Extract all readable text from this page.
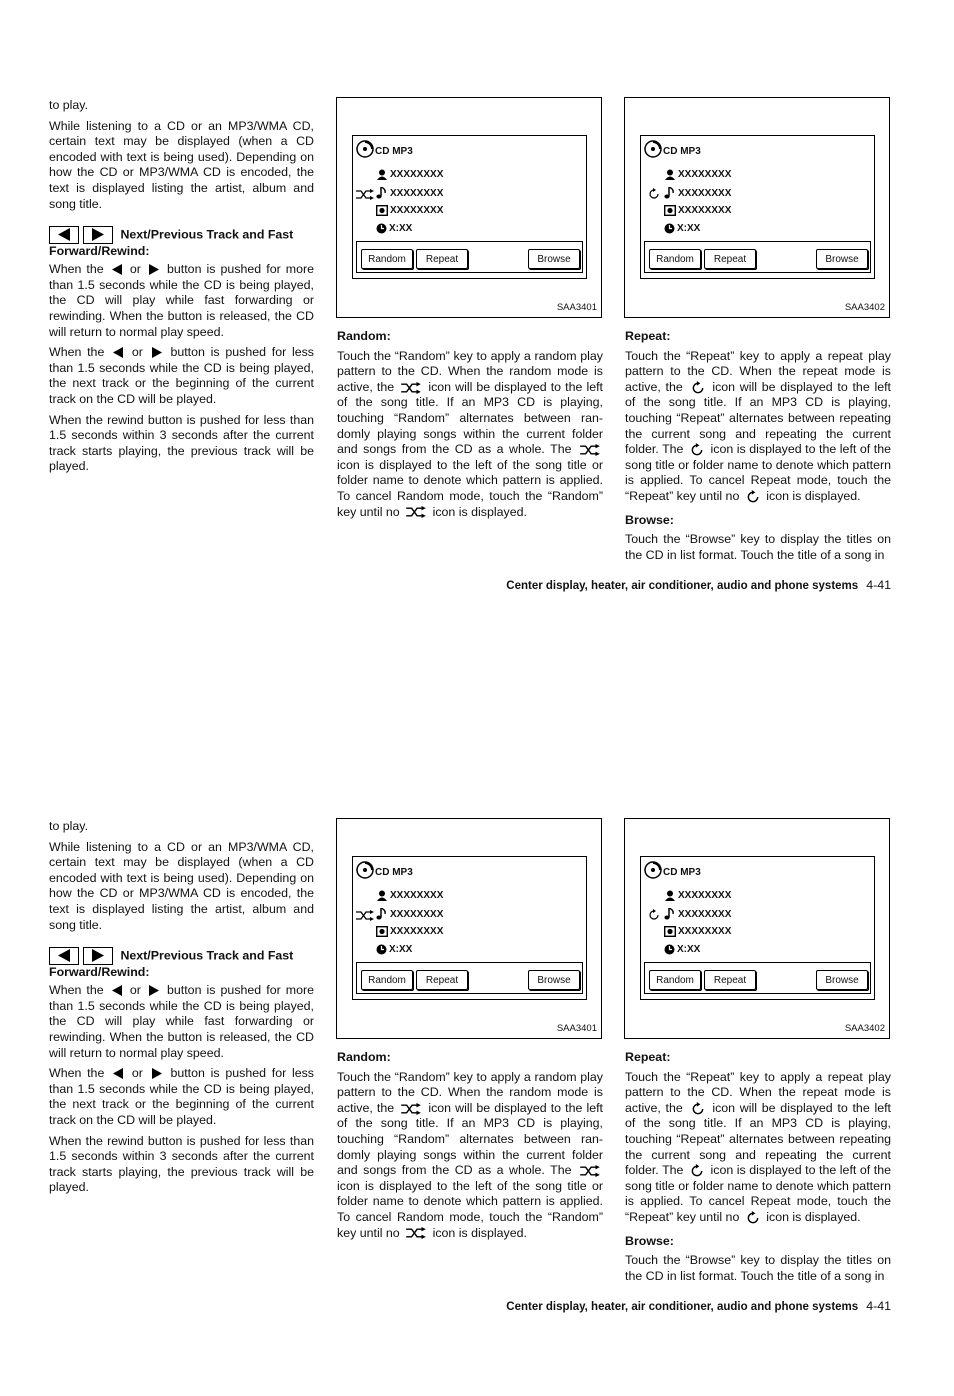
to play.

While listening to a CD or an MP3/WMA CD, certain text may be displayed (when a CD encoded with text is being used). Depending on how the CD or MP3/WMA CD is encoded, the text is displayed listing the artist, album and song title.

Next/Previous Track and Fast
Forward/Rewind:

When the or button is pushed for more than 1.5 seconds while the CD is being played, the CD will play while fast forwarding or rewinding. When the button is released, the CD will return to normal play speed.

When the or button is pushed for less than 1.5 seconds while the CD is being played, the next track or the beginning of the current track on the CD will be played.

When the rewind button is pushed for less than 1.5 seconds within 3 seconds after the current track starts playing, the previous track will be played.

CD MP3
XXXXXXXX
XXXXXXXX
XXXXXXXX
X:XX
Random	Repeat	Browse
SAA3401
CD MP3
XXXXXXXX
XXXXXXXX
XXXXXXXX
X:XX
Random	Repeat	Browse
SAA3402
Random:

Touch the “Random” key to apply a random play pattern to the CD. When the random mode is active, the	icon will be displayed to the left of the song title. If an MP3 CD is playing, touching “Random” alternates between ran-domly playing songs within the current folder and songs from the CD as a whole. The  icon is displayed to the left of the song title or folder name to denote which pattern is applied. To cancel Random mode, touch the “Random” key until no	icon is displayed.

Repeat:

Touch the “Repeat” key to apply a repeat play pattern to the CD. When the repeat mode is active, the icon will be displayed to the left of the song title. If an MP3 CD is playing, touching “Repeat” alternates between repeating the current song and repeating the current folder. The icon is displayed to the left of the song title or folder name to denote which pattern is applied. To cancel Repeat mode, touch the “Repeat” key until no icon is displayed.

Browse:

Touch the “Browse” key to display the titles on the CD in list format. Touch the title of a song in

Center display, heater, air conditioner, audio and phone systems 4-41

to play.

While listening to a CD or an MP3/WMA CD, certain text may be displayed (when a CD encoded with text is being used). Depending on how the CD or MP3/WMA CD is encoded, the text is displayed listing the artist, album and song title.

Next/Previous Track and Fast
Forward/Rewind:

When the or button is pushed for more than 1.5 seconds while the CD is being played, the CD will play while fast forwarding or rewinding. When the button is released, the CD will return to normal play speed.

When the or button is pushed for less than 1.5 seconds while the CD is being played, the next track or the beginning of the current track on the CD will be played.

When the rewind button is pushed for less than 1.5 seconds within 3 seconds after the current track starts playing, the previous track will be played.

CD MP3
XXXXXXXX
XXXXXXXX
XXXXXXXX
X:XX
Random	Repeat	Browse
SAA3401
CD MP3
XXXXXXXX
XXXXXXXX
XXXXXXXX
X:XX
Random	Repeat	Browse
SAA3402
Random:

Touch the “Random” key to apply a random play pattern to the CD. When the random mode is active, the	icon will be displayed to the left of the song title. If an MP3 CD is playing, touching “Random” alternates between ran-domly playing songs within the current folder and songs from the CD as a whole. The  icon is displayed to the left of the song title or folder name to denote which pattern is applied. To cancel Random mode, touch the “Random” key until no	icon is displayed.

Repeat:

Touch the “Repeat” key to apply a repeat play pattern to the CD. When the repeat mode is active, the icon will be displayed to the left of the song title. If an MP3 CD is playing, touching “Repeat” alternates between repeating the current song and repeating the current folder. The icon is displayed to the left of the song title or folder name to denote which pattern is applied. To cancel Repeat mode, touch the “Repeat” key until no icon is displayed.

Browse:

Touch the “Browse” key to display the titles on the CD in list format. Touch the title of a song in

Center display, heater, air conditioner, audio and phone systems 4-41
